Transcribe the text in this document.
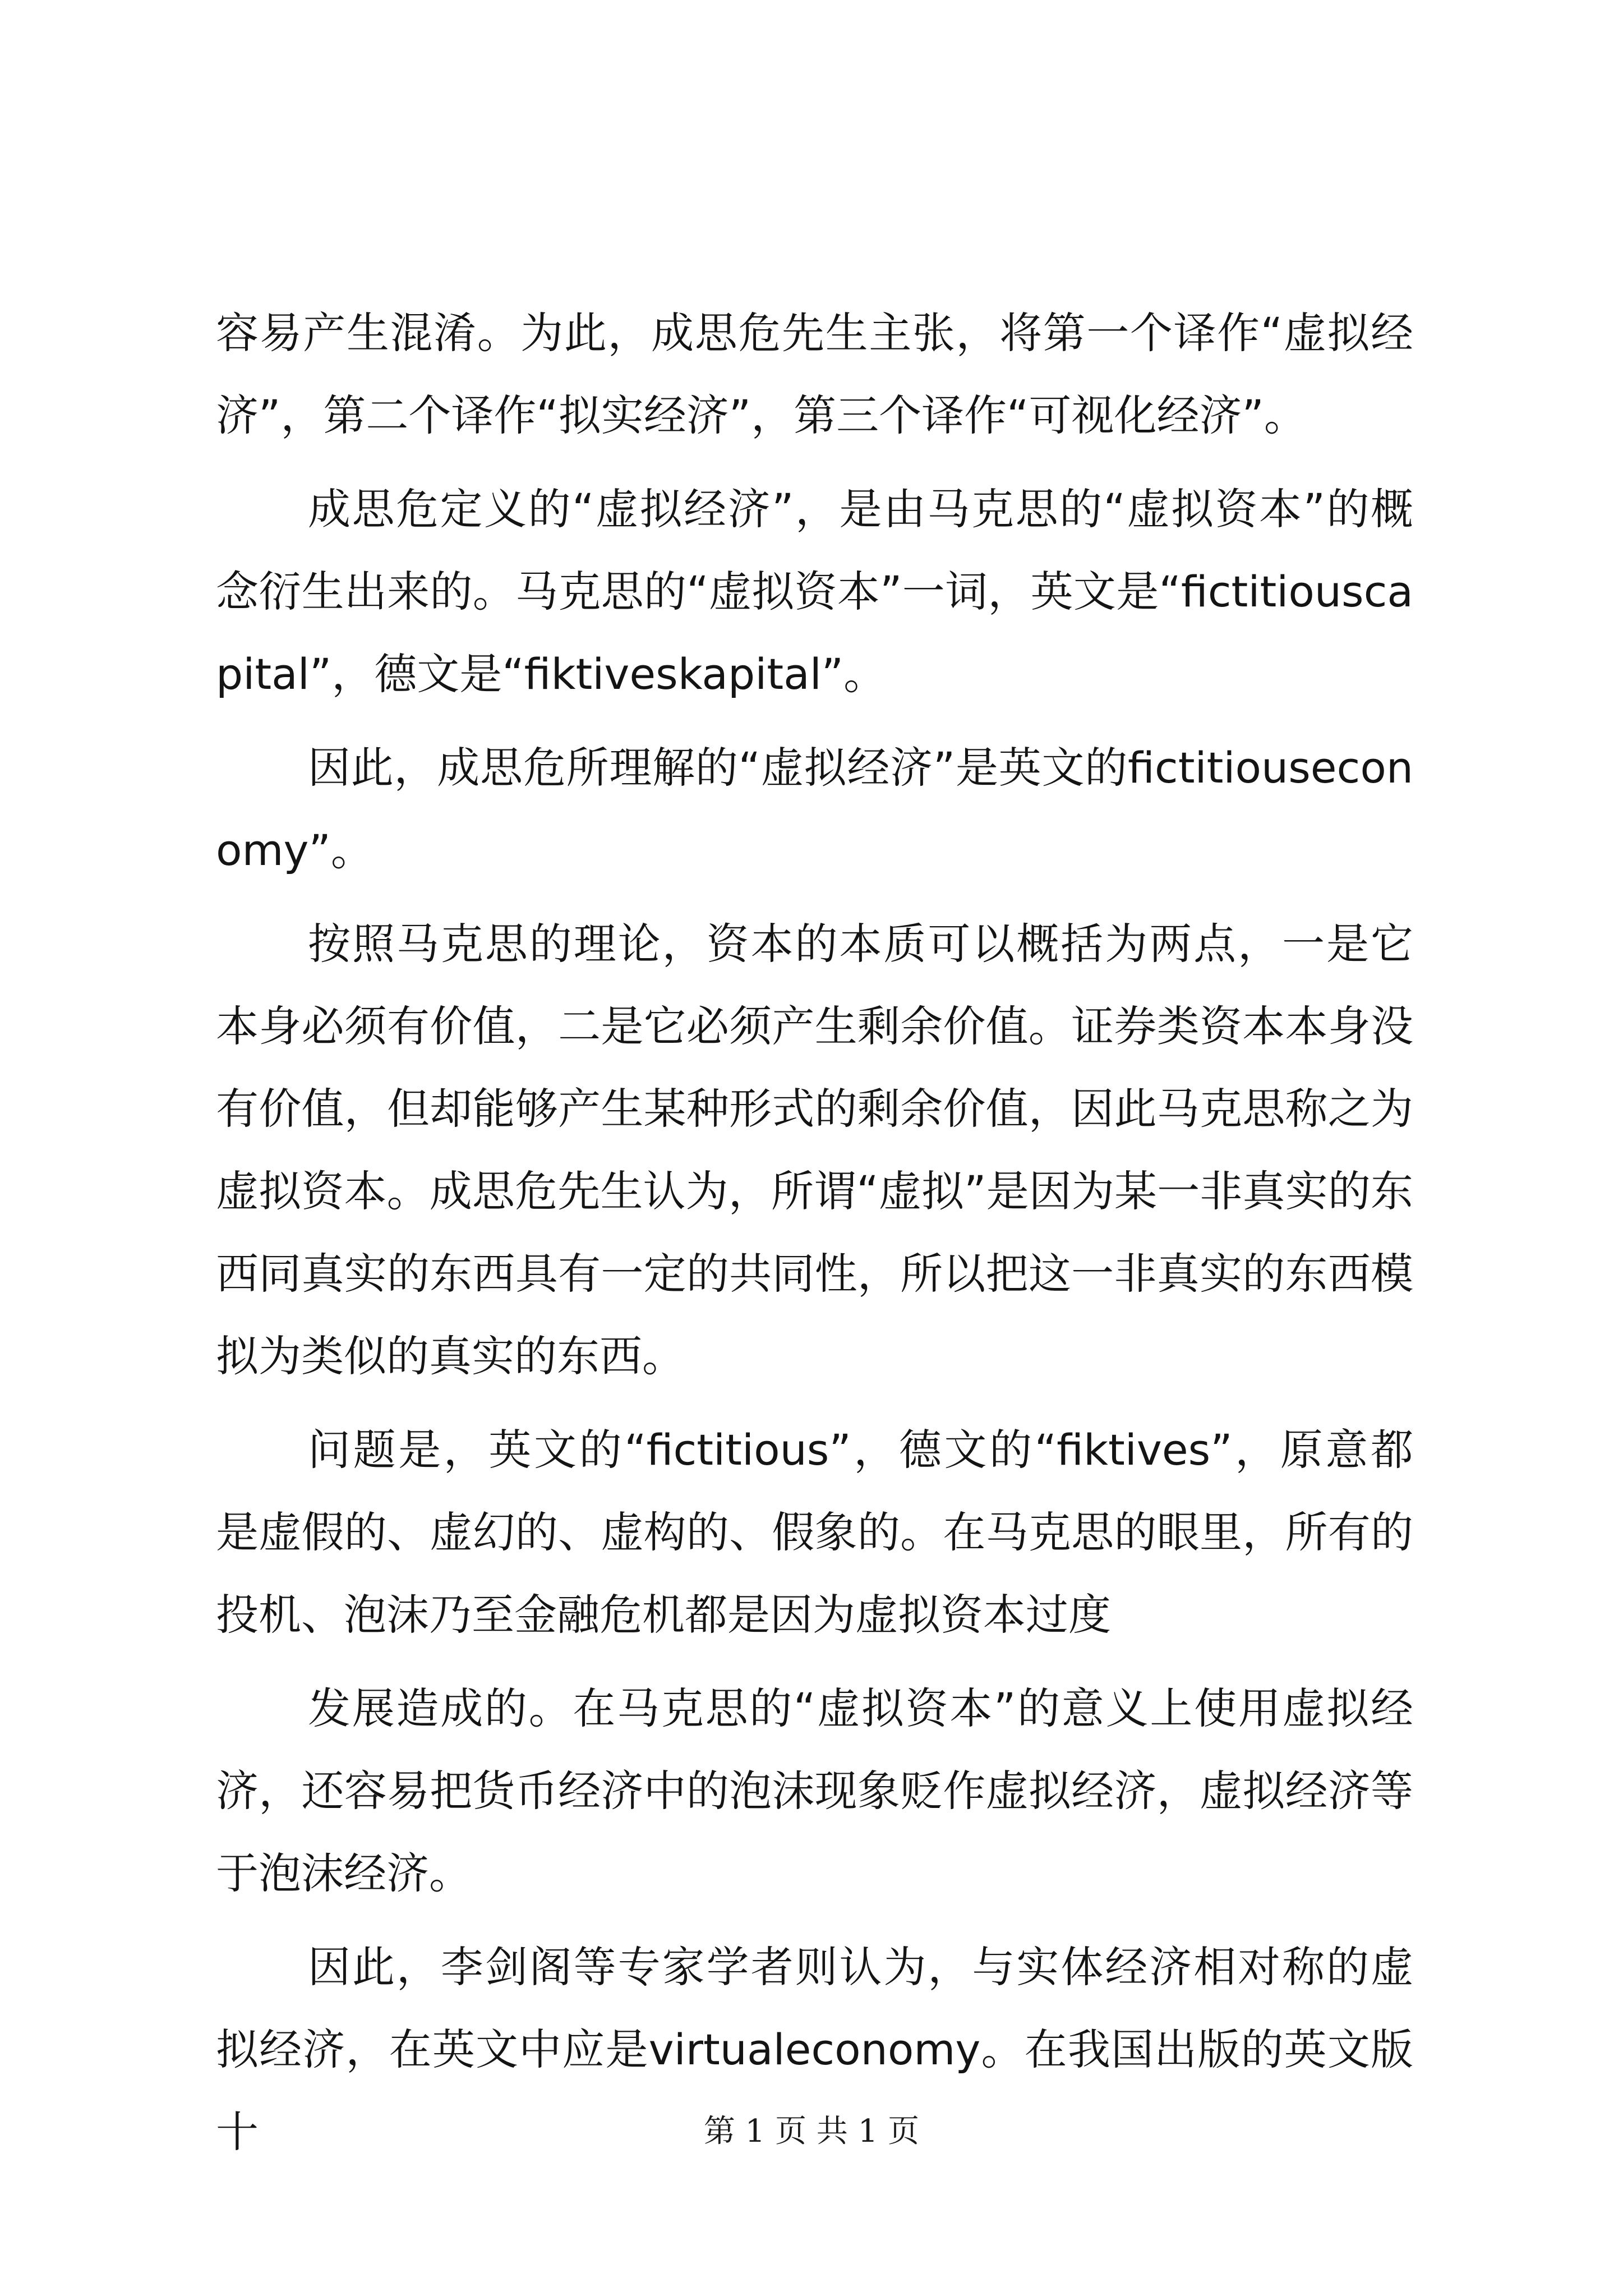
容易产生混淆。为此，成思危先生主张，将第一个译作“虚拟经济”，第二个译作“拟实经济”，第三个译作“可视化经济”。

成思危定义的“虚拟经济”，是由马克思的“虚拟资本”的概念衍生出来的。马克思的“虚拟资本”一词，英文是“fictitiouscapital”，德文是“fiktiveskapital”。

因此，成思危所理解的“虚拟经济”是英文的fictitiouseconomy”。

按照马克思的理论，资本的本质可以概括为两点，一是它本身必须有价值，二是它必须产生剩余价值。证券类资本本身没有价值，但却能够产生某种形式的剩余价值，因此马克思称之为虚拟资本。成思危先生认为，所谓“虚拟”是因为某一非真实的东西同真实的东西具有一定的共同性，所以把这一非真实的东西模拟为类似的真实的东西。

问题是，英文的“fictitious”，德文的“fiktives”，原意都是虚假的、虚幻的、虚构的、假象的。在马克思的眼里，所有的投机、泡沫乃至金融危机都是因为虚拟资本过度

发展造成的。在马克思的“虚拟资本”的意义上使用虚拟经济，还容易把货币经济中的泡沫现象贬作虚拟经济，虚拟经济等于泡沫经济。

因此，李剑阁等专家学者则认为，与实体经济相对称的虚拟经济，在英文中应是virtualeconomy。在我国出版的英文版十	第 1 页 共 1 页
